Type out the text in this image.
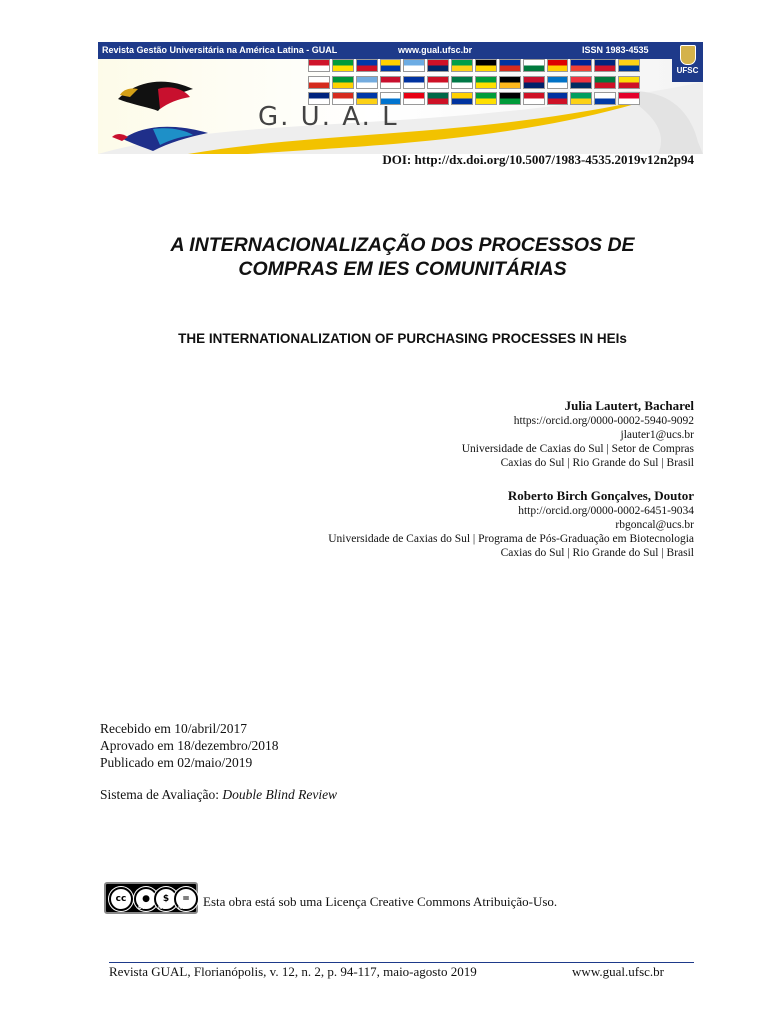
Revista Gestão Universitária na América Latina - GUAL	www.gual.ufsc.br	ISSN 1983-4535
G. U. A. L
UFSC
DOI: http://dx.doi.org/10.5007/1983-4535.2019v12n2p94
A INTERNACIONALIZAÇÃO DOS PROCESSOS DE
COMPRAS EM IES COMUNITÁRIAS
THE INTERNATIONALIZATION OF PURCHASING PROCESSES IN HEIs
Julia Lautert, Bacharel
https://orcid.org/0000-0002-5940-9092
jlauter1@ucs.br
Universidade de Caxias do Sul | Setor de Compras
Caxias do Sul | Rio Grande do Sul | Brasil
Roberto Birch Gonçalves, Doutor
http://orcid.org/0000-0002-6451-9034
rbgoncal@ucs.br
Universidade de Caxias do Sul | Programa de Pós-Graduação em Biotecnologia
Caxias do Sul | Rio Grande do Sul | Brasil
Recebido em 10/abril/2017
Aprovado em 18/dezembro/2018
Publicado em 02/maio/2019
Sistema de Avaliação: Double Blind Review
cc	●	$	=
BY	NC ND Esta obra está sob uma Licença Creative Commons Atribuição-Uso.
Revista GUAL, Florianópolis, v. 12, n. 2, p. 94-117, maio-agosto 2019	www.gual.ufsc.br
